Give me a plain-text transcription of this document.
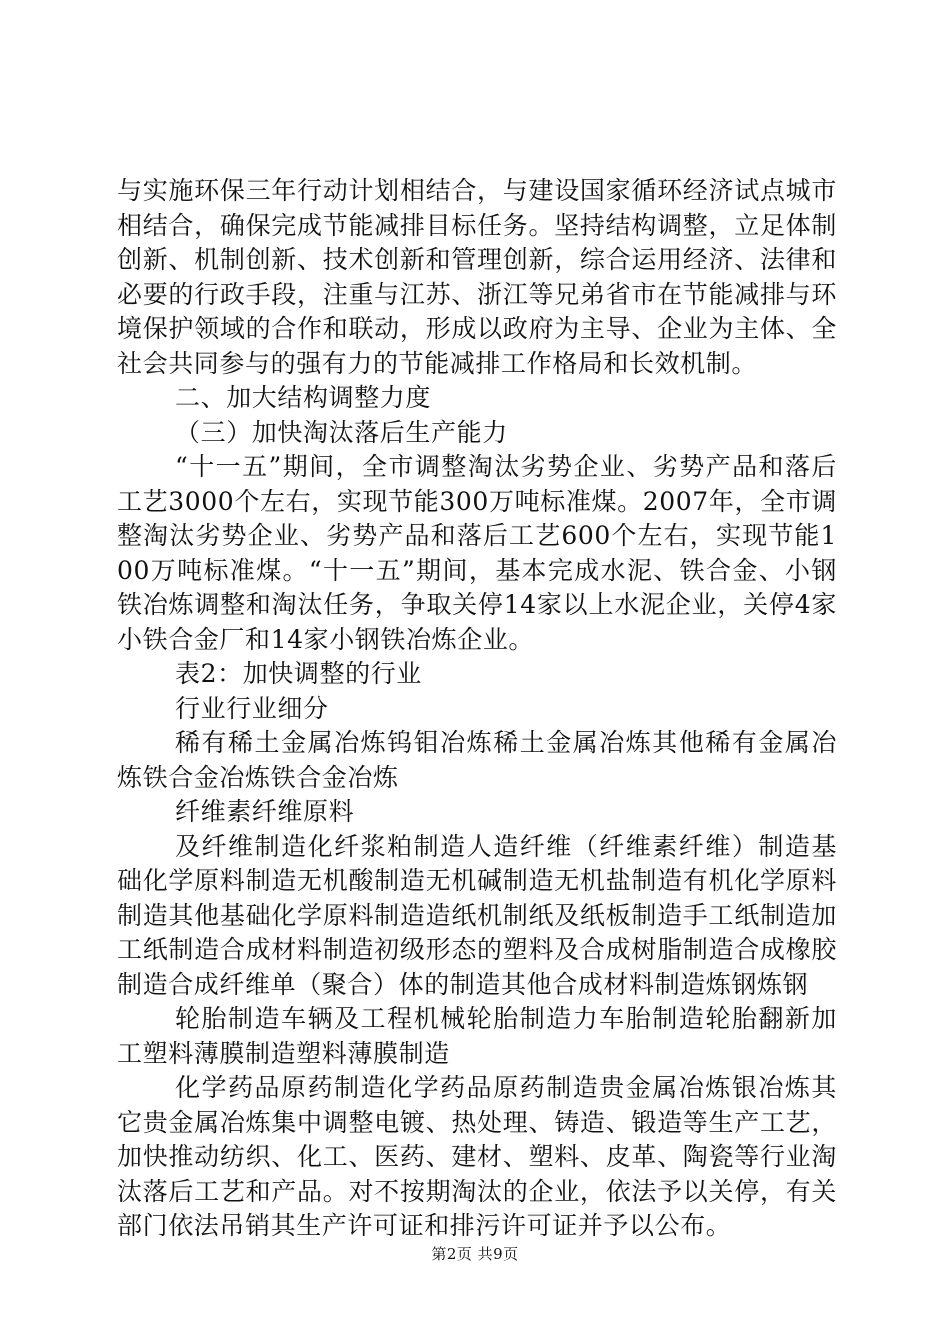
与实施环保三年行动计划相结合，与建设国家循环经济试点城市相结合，确保完成节能减排目标任务。坚持结构调整，立足体制创新、机制创新、技术创新和管理创新，综合运用经济、法律和必要的行政手段，注重与江苏、浙江等兄弟省市在节能减排与环境保护领域的合作和联动，形成以政府为主导、企业为主体、全社会共同参与的强有力的节能减排工作格局和长效机制。

二、加大结构调整力度

（三）加快淘汰落后生产能力

“十一五”期间，全市调整淘汰劣势企业、劣势产品和落后工艺3000个左右，实现节能300万吨标准煤。2007年，全市调整淘汰劣势企业、劣势产品和落后工艺600个左右，实现节能100万吨标准煤。“十一五”期间，基本完成水泥、铁合金、小钢铁冶炼调整和淘汰任务，争取关停14家以上水泥企业，关停4家小铁合金厂和14家小钢铁冶炼企业。

表2：加快调整的行业

行业行业细分

稀有稀土金属冶炼钨钼冶炼稀土金属冶炼其他稀有金属冶炼铁合金冶炼铁合金冶炼

纤维素纤维原料

及纤维制造化纤浆粕制造人造纤维（纤维素纤维）制造基础化学原料制造无机酸制造无机碱制造无机盐制造有机化学原料制造其他基础化学原料制造造纸机制纸及纸板制造手工纸制造加工纸制造合成材料制造初级形态的塑料及合成树脂制造合成橡胶制造合成纤维单（聚合）体的制造其他合成材料制造炼钢炼钢

轮胎制造车辆及工程机械轮胎制造力车胎制造轮胎翻新加工塑料薄膜制造塑料薄膜制造

化学药品原药制造化学药品原药制造贵金属冶炼银冶炼其它贵金属冶炼集中调整电镀、热处理、铸造、锻造等生产工艺，加快推动纺织、化工、医药、建材、塑料、皮革、陶瓷等行业淘汰落后工艺和产品。对不按期淘汰的企业，依法予以关停，有关部门依法吊销其生产许可证和排污许可证并予以公布。

第2页 共9页
